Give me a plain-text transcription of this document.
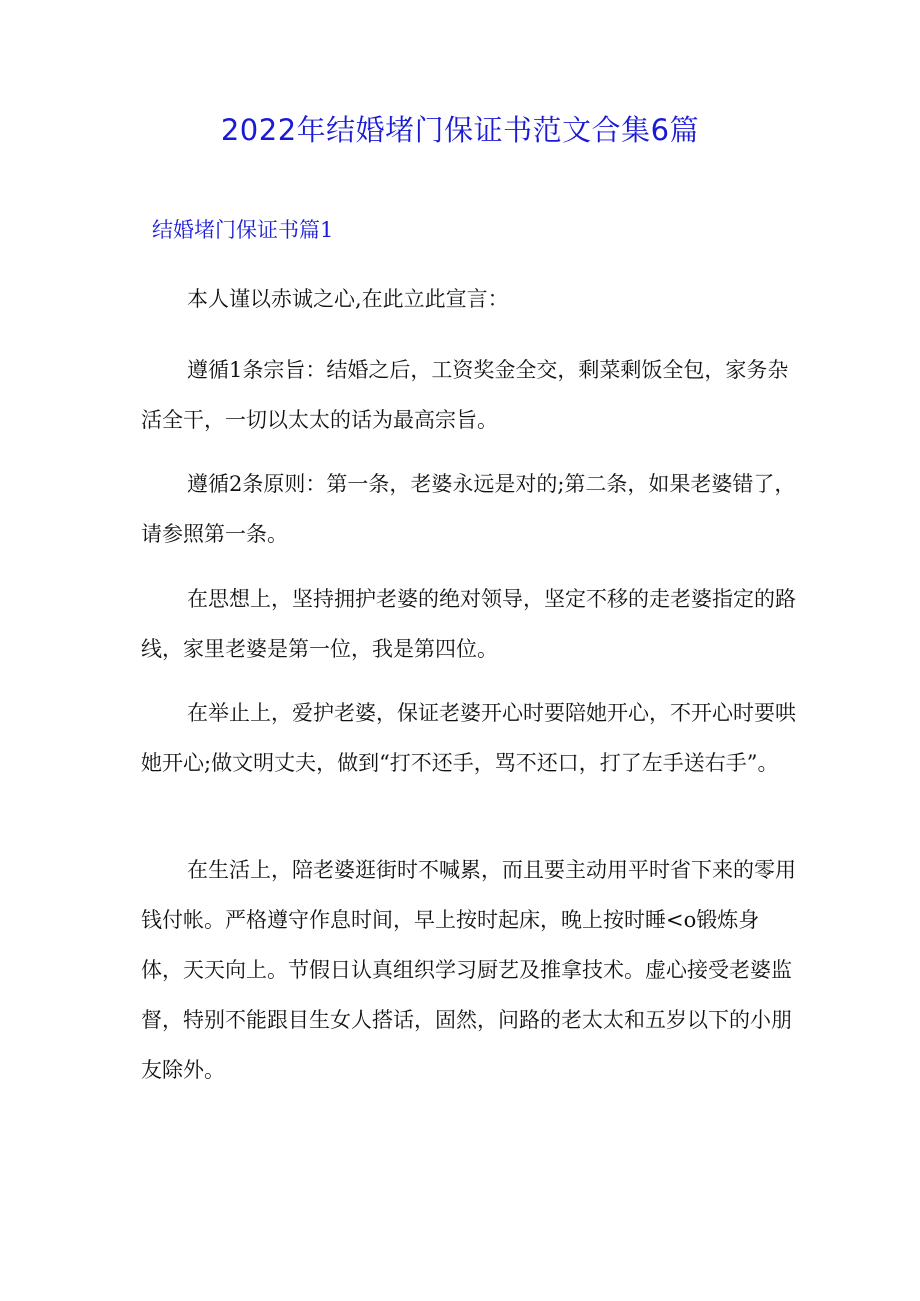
2022年结婚堵门保证书范文合集6篇
结婚堵门保证书篇1

本人谨以赤诚之心,在此立此宣言：

遵循1条宗旨：结婚之后，工资奖金全交，剩菜剩饭全包，家务杂活全干，一切以太太的话为最高宗旨。

遵循2条原则：第一条，老婆永远是对的;第二条，如果老婆错了，请参照第一条。

在思想上，坚持拥护老婆的绝对领导，坚定不移的走老婆指定的路线，家里老婆是第一位，我是第四位。

在举止上，爱护老婆，保证老婆开心时要陪她开心，不开心时要哄她开心;做文明丈夫，做到“打不还手，骂不还口，打了左手送右手”。

在生活上，陪老婆逛街时不喊累，而且要主动用平时省下来的零用钱付帐。严格遵守作息时间，早上按时起床，晚上按时睡<o锻炼身体，天天向上。节假日认真组织学习厨艺及推拿技术。虚心接受老婆监督，特别不能跟目生女人搭话，固然，问路的老太太和五岁以下的小朋友除外。
